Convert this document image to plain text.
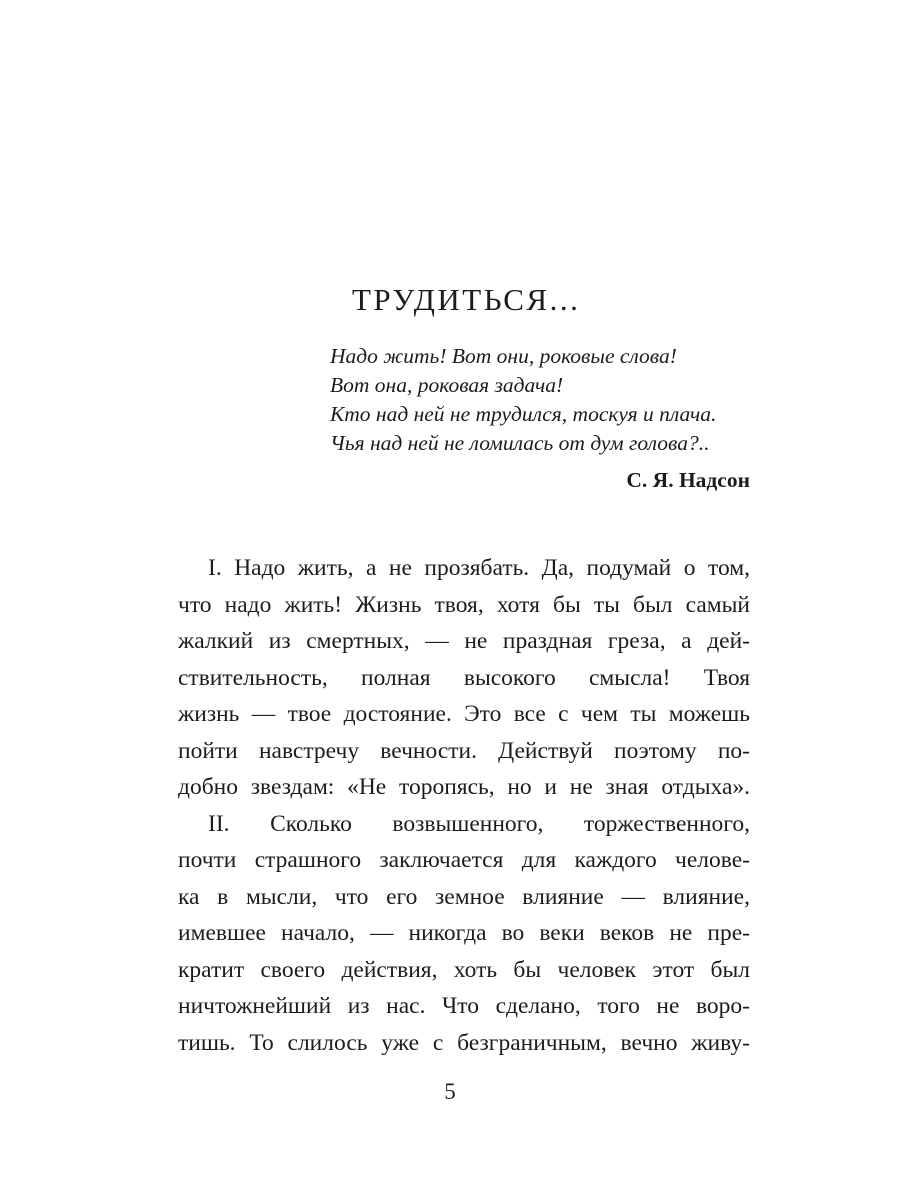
ТРУДИТЬСЯ...
Надо жить! Вот они, роковые слова!
Вот она, роковая задача!
Кто над ней не трудился, тоскуя и плача.
Чья над ней не ломилась от дум голова?..
С. Я. Надсон
I. Надо жить, а не прозябать. Да, подумай о том,
что надо жить! Жизнь твоя, хотя бы ты был самый
жалкий из смертных, — не праздная греза, а дей-
ствительность, полная высокого смысла! Твоя
жизнь — твое достояние. Это все с чем ты можешь
пойти навстречу вечности. Действуй поэтому по-
добно звездам: «Не торопясь, но и не зная отдыха».
II. Сколько возвышенного, торжественного,
почти страшного заключается для каждого челове-
ка в мысли, что его земное влияние — влияние,
имевшее начало, — никогда во веки веков не пре-
кратит своего действия, хоть бы человек этот был
ничтожнейший из нас. Что сделано, того не воро-
тишь. То слилось уже с безграничным, вечно живу-
5
